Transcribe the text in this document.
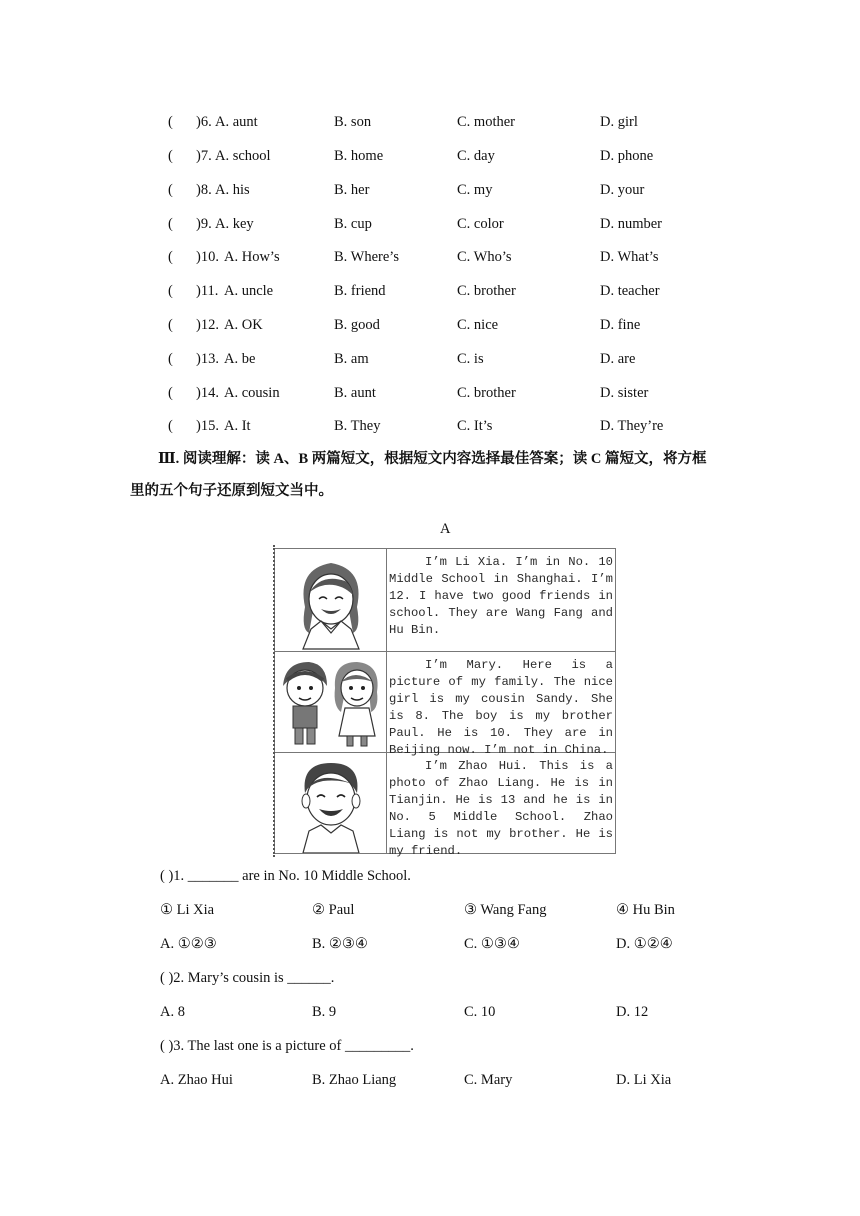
( )6. A. aunt	B. son	C. mother	D. girl
( )7. A. school	B. home	C. day	D. phone
( )8. A. his	B. her	C. my	D. your
( )9. A. key	B. cup	C. color	D. number
( )10. A. How’s	B. Where’s	C. Who’s	D. What’s
( )11. A. uncle	B. friend	C. brother	D. teacher
( )12. A. OK	B. good	C. nice	D. fine
( )13. A. be	B. am	C. is	D. are
( )14. A. cousin	B. aunt	C. brother	D. sister
( )15. A. It	B. They	C. It’s	D. They’re
Ⅲ. 阅读理解：读 A、B 两篇短文，根据短文内容选择最佳答案；读 C 篇短文，将方框
里的五个句子还原到短文当中。
A
I’m Li Xia. I’m in No. 10 Middle School in Shanghai. I’m 12. I have two good friends in school. They are Wang Fang and Hu Bin.
I’m Mary. Here is a picture of my family. The nice girl is my cousin Sandy. She is 8. The boy is my brother Paul. He is 10. They are in Beijing now. I’m not in China.
I’m Zhao Hui. This is a photo of Zhao Liang. He is in Tianjin. He is 13 and he is in No. 5 Middle School. Zhao Liang is not my brother. He is my friend.
( )1. _______ are in No. 10 Middle School.
① Li Xia	② Paul	③ Wang Fang	④ Hu Bin
A. ①②③	B. ②③④	C. ①③④	D. ①②④
( )2. Mary’s cousin is ______.
A. 8	B. 9	C. 10	D. 12
( )3. The last one is a picture of _________.
A. Zhao Hui	B. Zhao Liang	C. Mary	D. Li Xia
